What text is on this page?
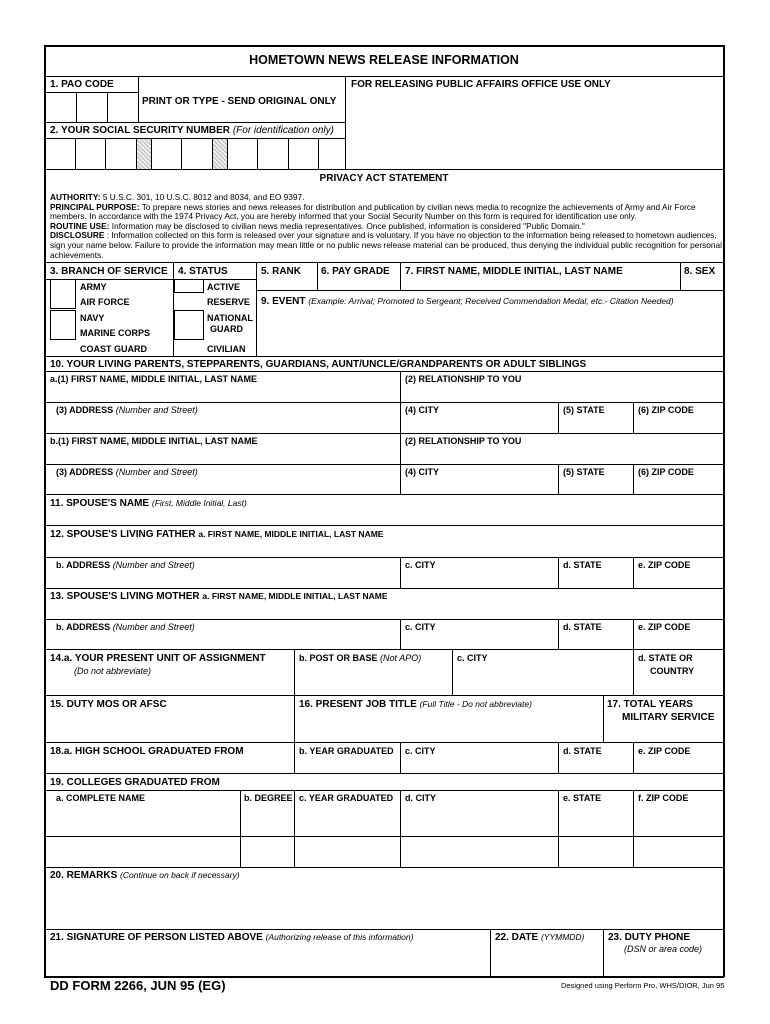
HOMETOWN NEWS RELEASE INFORMATION
1. PAO CODE
PRINT OR TYPE - SEND ORIGINAL ONLY
FOR RELEASING PUBLIC AFFAIRS OFFICE USE ONLY
2. YOUR SOCIAL SECURITY NUMBER (For identification only)
PRIVACY ACT STATEMENT

AUTHORITY: 5 U.S.C. 301, 10 U.S.C. 8012 and 8034, and EO 9397.

PRINCIPAL PURPOSE: To prepare news stories and news releases for distribution and publication by civilian news media to recognize the achievements of Army and Air Force members. In accordance with the 1974 Privacy Act, you are hereby informed that your Social Security Number on this form is required for identification use only.

ROUTINE USE: Information may be disclosed to civilian news media representatives. Once published, information is considered "Public Domain."

DISCLOSURE : Information collected on this form is released over your signature and is voluntary. If you have no objection to the information being released to hometown audiences, sign your name below. Failure to provide the information may mean little or no public news release material can be produced, thus denying the individual public recognition for personal achievements.

3. BRANCH OF SERVICE 4. STATUS	5. RANK 6. PAY GRADE 7. FIRST NAME, MIDDLE INITIAL, LAST NAME	8. SEX
ARMY
AIR FORCE
NAVY
MARINE CORPS
COAST GUARD
ACTIVE
RESERVE
NATIONAL
GUARD
CIVILIAN
9. EVENT (Example: Arrival; Promoted to Sergeant; Received Commendation Medal, etc.- Citation Needed)
10. YOUR LIVING PARENTS, STEPPARENTS, GUARDIANS, AUNT/UNCLE/GRANDPARENTS OR ADULT SIBLINGS
a.(1) FIRST NAME, MIDDLE INITIAL, LAST NAME	(2) RELATIONSHIP TO YOU
(3) ADDRESS (Number and Street)	(4) CITY	(5) STATE	(6) ZIP CODE
b.(1) FIRST NAME, MIDDLE INITIAL, LAST NAME	(2) RELATIONSHIP TO YOU
(3) ADDRESS (Number and Street)	(4) CITY	(5) STATE	(6) ZIP CODE
11. SPOUSE'S NAME (First, Middle Initial, Last)
12. SPOUSE'S LIVING FATHER a. FIRST NAME, MIDDLE INITIAL, LAST NAME
b. ADDRESS (Number and Street)	c. CITY	d. STATE	e. ZIP CODE
13. SPOUSE'S LIVING MOTHER a. FIRST NAME, MIDDLE INITIAL, LAST NAME
b. ADDRESS (Number and Street)	c. CITY	d. STATE	e. ZIP CODE
14.a. YOUR PRESENT UNIT OF ASSIGNMENT
(Do not abbreviate)
b. POST OR BASE (Not APO)	c. CITY	d. STATE OR
COUNTRY
15. DUTY MOS OR AFSC	16. PRESENT JOB TITLE (Full Title - Do not abbreviate)	17. TOTAL YEARS
MILITARY SERVICE
18.a. HIGH SCHOOL GRADUATED FROM	b. YEAR GRADUATED c. CITY	d. STATE	e. ZIP CODE
19. COLLEGES GRADUATED FROM
a. COMPLETE NAME	b. DEGREE c. YEAR GRADUATED d. CITY	e. STATE	f. ZIP CODE
20. REMARKS (Continue on back if necessary)
21. SIGNATURE OF PERSON LISTED ABOVE (Authorizing release of this information)	22. DATE (YYMMDD) 23. DUTY PHONE
(DSN or area code)
DD FORM 2266, JUN 95 (EG)	Designed using Perform Pro, WHS/DIOR, Jun 95
